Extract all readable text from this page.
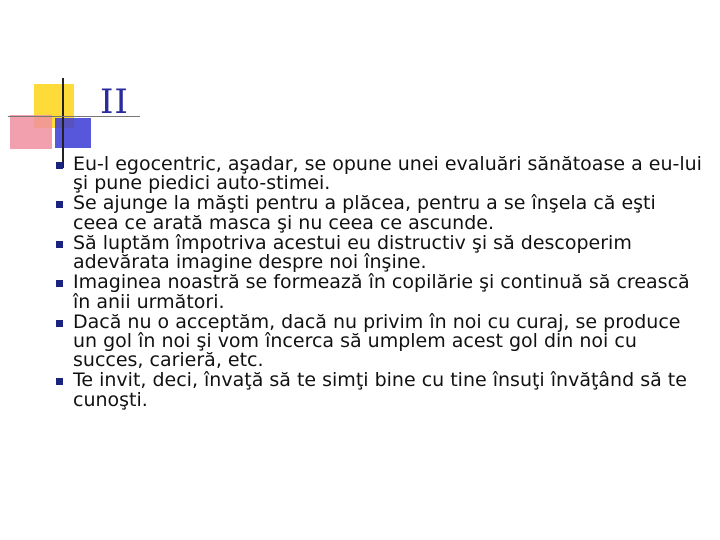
II
Eu-l egocentric, aşadar, se opune unei evaluări sănătoase a eu-lui şi pune piedici auto-stimei.
Se ajunge la măşti pentru a plăcea, pentru a se înşela că eşti ceea ce arată masca şi nu ceea ce ascunde.
Să luptăm împotriva acestui eu distructiv şi să descoperim adevărata imagine despre noi înşine.
Imaginea noastră se formează în copilărie şi continuă să crească în anii următori.
Dacă nu o acceptăm, dacă nu privim în noi cu curaj, se produce un gol în noi şi vom încerca să umplem acest gol din noi cu succes, carieră, etc.
Te invit, deci, învaţă să te simţi bine cu tine însuţi învăţând să te cunoşti.
